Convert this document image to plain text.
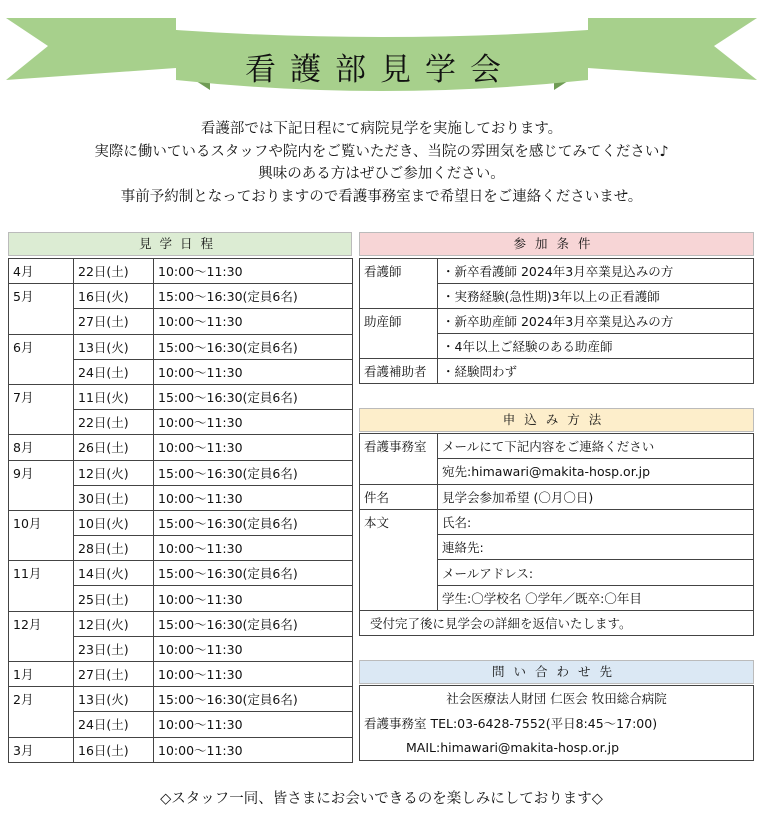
看護部見学会
看護部では下記日程にて病院見学を実施しております。
実際に働いているスタッフや院内をご覧いただき、当院の雰囲気を感じてみてください♪
興味のある方はぜひご参加ください。
事前予約制となっておりますので看護事務室まで希望日をご連絡くださいませ。
見学日程
4月	22日(土)	10:00～11:30
5月	16日(火)	15:00～16:30(定員6名)
	27日(土)	10:00～11:30
6月	13日(火)	15:00～16:30(定員6名)
	24日(土)	10:00～11:30
7月	11日(火)	15:00～16:30(定員6名)
	22日(土)	10:00～11:30
8月	26日(土)	10:00～11:30
9月	12日(火)	15:00～16:30(定員6名)
	30日(土)	10:00～11:30
10月	10日(火)	15:00～16:30(定員6名)
	28日(土)	10:00～11:30
11月	14日(火)	15:00～16:30(定員6名)
	25日(土)	10:00～11:30
12月	12日(火)	15:00～16:30(定員6名)
	23日(土)	10:00～11:30
1月	27日(土)	10:00～11:30
2月	13日(火)	15:00～16:30(定員6名)
	24日(土)	10:00～11:30
3月	16日(土)	10:00～11:30
参加条件
看護師	・新卒看護師 2024年3月卒業見込みの方
	・実務経験(急性期)3年以上の正看護師
助産師	・新卒助産師 2024年3月卒業見込みの方
	・4年以上ご経験のある助産師
看護補助者	・経験問わず
申込み方法
看護事務室	メールにて下記内容をご連絡ください
	宛先:himawari@makita-hosp.or.jp
件名	見学会参加希望 (〇月〇日)
本文	氏名:
	連絡先:
	メールアドレス:
	学生:〇学校名 〇学年／既卒:〇年目
受付完了後に見学会の詳細を返信いたします。	
問い合わせ先
社会医療法人財団 仁医会 牧田総合病院
看護事務室 TEL:03-6428-7552(平日8:45～17:00)
MAIL:himawari@makita-hosp.or.jp
◇スタッフ一同、皆さまにお会いできるのを楽しみにしております◇
